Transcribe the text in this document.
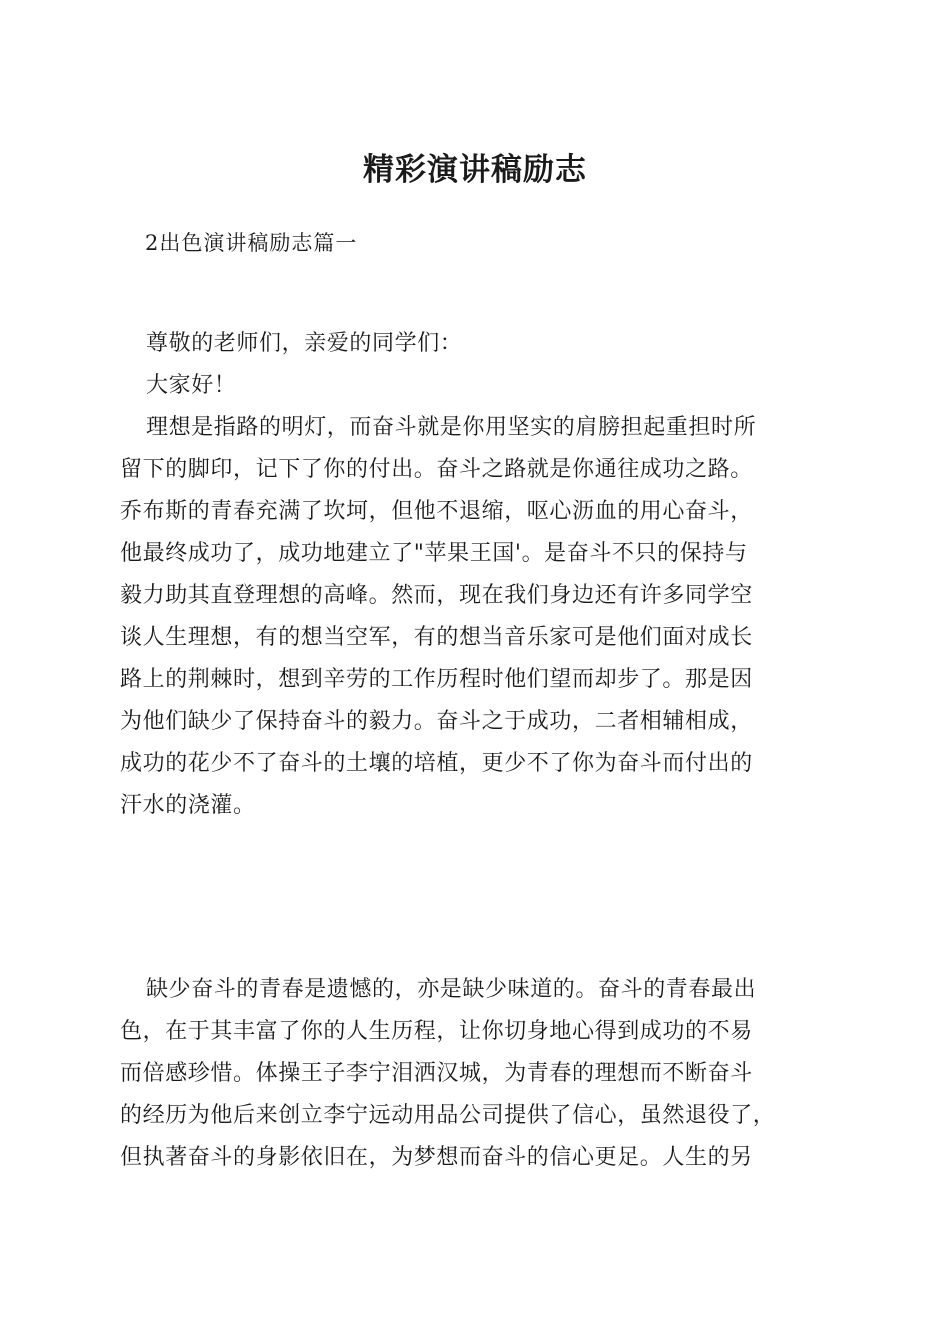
精彩演讲稿励志
2出色演讲稿励志篇一
尊敬的老师们，亲爱的同学们：
大家好！
理想是指路的明灯，而奋斗就是你用坚实的肩膀担起重担时所
留下的脚印，记下了你的付出。奋斗之路就是你通往成功之路。
乔布斯的青春充满了坎坷，但他不退缩，呕心沥血的用心奋斗，
他最终成功了，成功地建立了"苹果王国'。是奋斗不只的保持与
毅力助其直登理想的高峰。然而，现在我们身边还有许多同学空
谈人生理想，有的想当空军，有的想当音乐家可是他们面对成长
路上的荆棘时，想到辛劳的工作历程时他们望而却步了。那是因
为他们缺少了保持奋斗的毅力。奋斗之于成功，二者相辅相成，
成功的花少不了奋斗的土壤的培植，更少不了你为奋斗而付出的
汗水的浇灌。
缺少奋斗的青春是遗憾的，亦是缺少味道的。奋斗的青春最出
色，在于其丰富了你的人生历程，让你切身地心得到成功的不易
而倍感珍惜。体操王子李宁泪洒汉城，为青春的理想而不断奋斗
的经历为他后来创立李宁远动用品公司提供了信心，虽然退役了，
但执著奋斗的身影依旧在，为梦想而奋斗的信心更足。人生的另
